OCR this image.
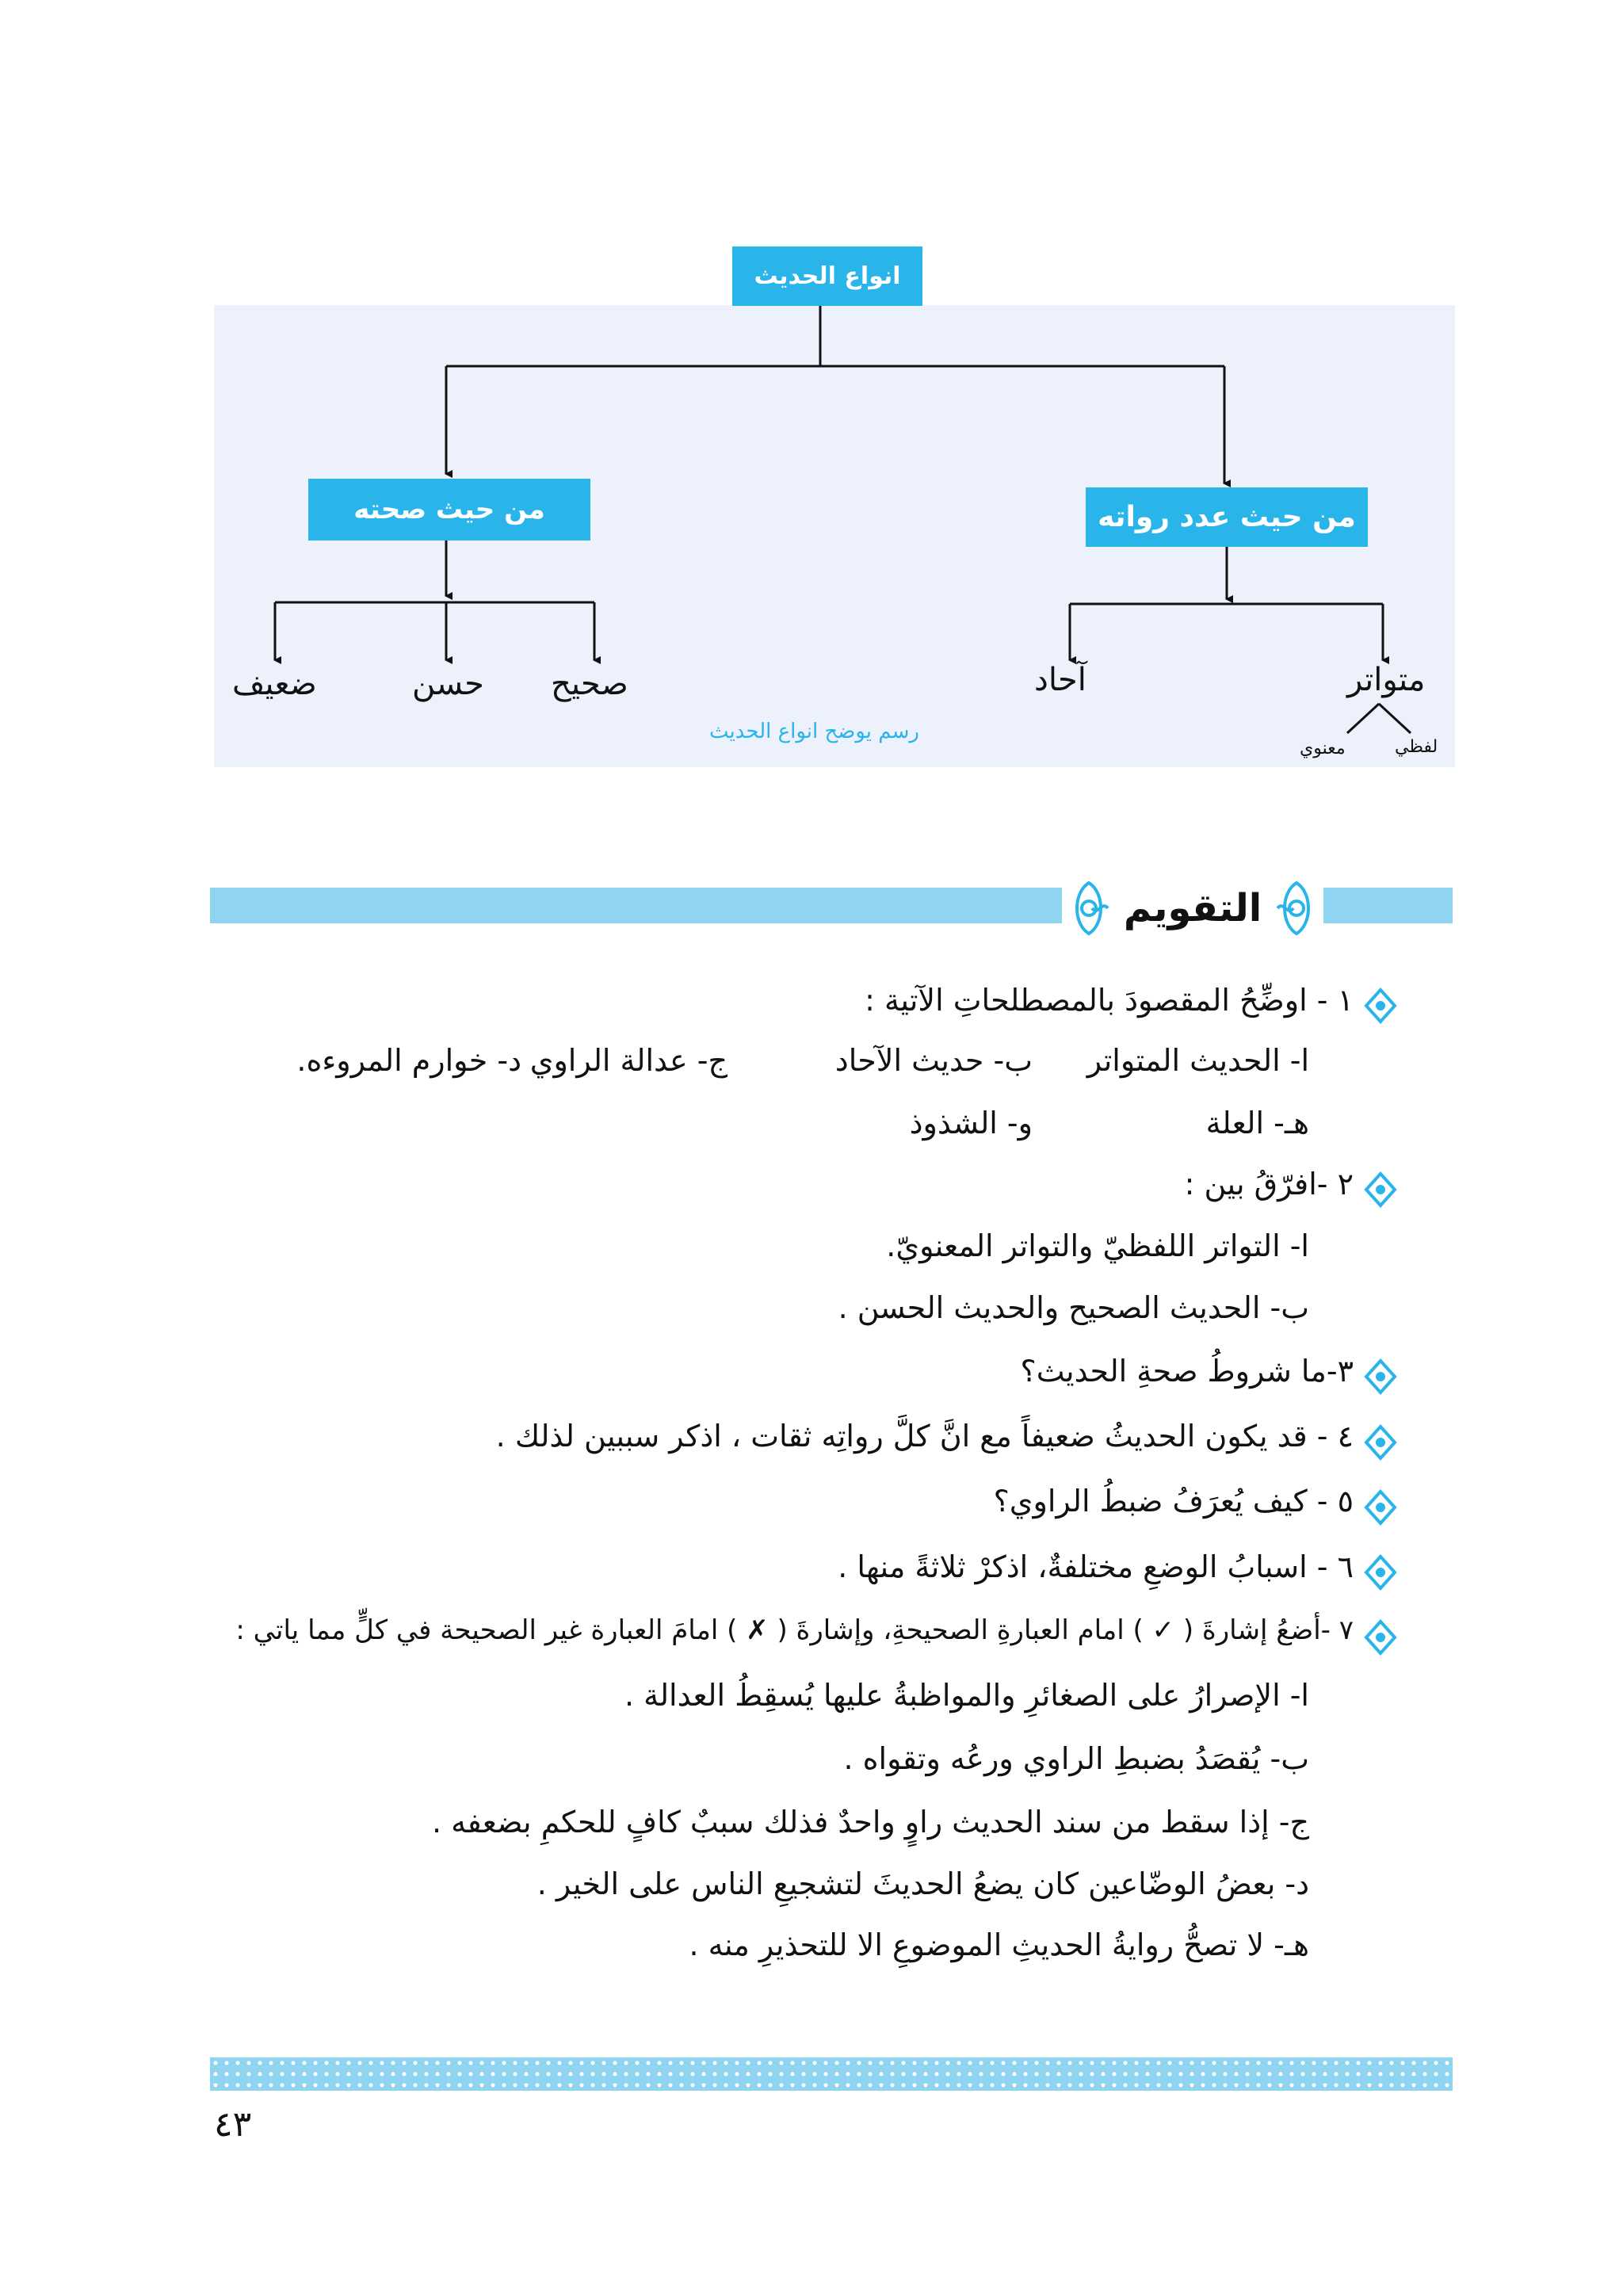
انواع الحديث
من حيث عدد رواته
من حيث صحته
متواتر
آحاد
صحيح
حسن
ضعيف
لفظي
معنوي
رسم يوضح انواع الحديث
التقويم
١ - اوضِّحُ المقصودَ بالمصطلحاتِ الآتية :
ا- الحديث المتواتر
ب- حديث الآحاد
ج- عدالة الراوي
د- خوارم المروءه.
هـ- العلة
و- الشذوذ
٢ -افرّقُ بين :
ا- التواتر اللفظيّ والتواتر المعنويّ.
ب- الحديث الصحيح والحديث الحسن .
٣-ما شروطُ صحةِ الحديث؟
٤ - قد يكون الحديثُ ضعيفاً مع انَّ كلَّ رواتِه ثقات ، اذكر سببين لذلك .
٥ - كيف يُعرَفُ ضبطُ الراوي؟
٦ - اسبابُ الوضعِ مختلفةٌ، اذكرْ ثلاثةً منها .
٧ -أضعُ إشارةَ ( ✓ ) امام العبارةِ الصحيحةِ، وإشارةَ ( ✗ ) امامَ العبارة غير الصحيحة في كلٍّ مما ياتي :
ا- الإصرارُ على الصغائرِ والمواظبةُ عليها يُسقِطُ العدالة .
ب- يُقصَدُ بضبطِ الراوي ورعُه وتقواه .
ج- إذا سقط من سند الحديث راوٍ واحدٌ فذلك سببٌ كافٍ للحكمِ بضعفه .
د- بعضُ الوضّاعين كان يضعُ الحديثَ لتشجيعِ الناس على الخير .
هـ- لا تصحُّ روايةُ الحديثِ الموضوعِ الا للتحذيرِ منه .
٤٣
